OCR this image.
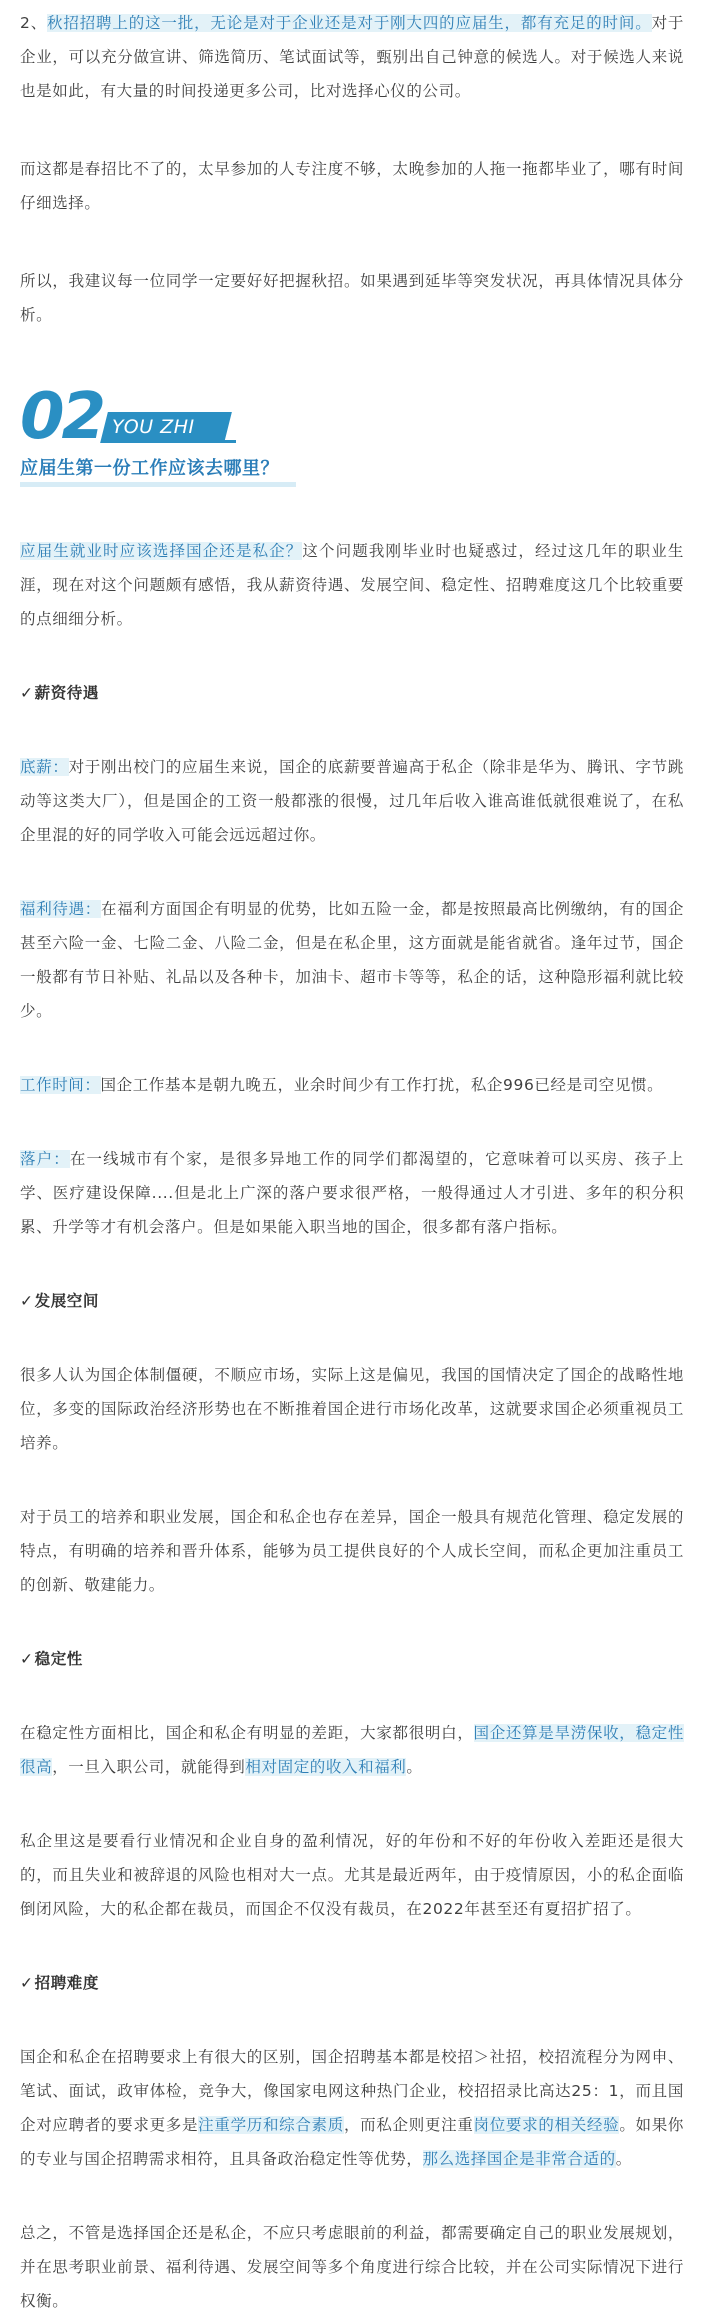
2、秋招招聘上的这一批，无论是对于企业还是对于刚大四的应届生，都有充足的时间。对于企业，可以充分做宣讲、筛选简历、笔试面试等，甄别出自己钟意的候选人。对于候选人来说也是如此，有大量的时间投递更多公司，比对选择心仪的公司。

而这都是春招比不了的，太早参加的人专注度不够，太晚参加的人拖一拖都毕业了，哪有时间仔细选择。

所以，我建议每一位同学一定要好好把握秋招。如果遇到延毕等突发状况，再具体情况具体分析。

02 YOU ZHI
应届生第一份工作应该去哪里？

应届生就业时应该选择国企还是私企？这个问题我刚毕业时也疑惑过，经过这几年的职业生涯，现在对这个问题颇有感悟，我从薪资待遇、发展空间、稳定性、招聘难度这几个比较重要的点细细分析。

✓薪资待遇

底薪：对于刚出校门的应届生来说，国企的底薪要普遍高于私企（除非是华为、腾讯、字节跳动等这类大厂），但是国企的工资一般都涨的很慢，过几年后收入谁高谁低就很难说了，在私企里混的好的同学收入可能会远远超过你。

福利待遇：在福利方面国企有明显的优势，比如五险一金，都是按照最高比例缴纳，有的国企甚至六险一金、七险二金、八险二金，但是在私企里，这方面就是能省就省。逢年过节，国企一般都有节日补贴、礼品以及各种卡，加油卡、超市卡等等，私企的话，这种隐形福利就比较少。

工作时间：国企工作基本是朝九晚五，业余时间少有工作打扰，私企996已经是司空见惯。

落户：在一线城市有个家，是很多异地工作的同学们都渴望的，它意味着可以买房、孩子上学、医疗建设保障....但是北上广深的落户要求很严格，一般得通过人才引进、多年的积分积累、升学等才有机会落户。但是如果能入职当地的国企，很多都有落户指标。

✓发展空间

很多人认为国企体制僵硬，不顺应市场，实际上这是偏见，我国的国情决定了国企的战略性地位，多变的国际政治经济形势也在不断推着国企进行市场化改革，这就要求国企必须重视员工培养。

对于员工的培养和职业发展，国企和私企也存在差异，国企一般具有规范化管理、稳定发展的特点，有明确的培养和晋升体系，能够为员工提供良好的个人成长空间，而私企更加注重员工的创新、敬建能力。

✓稳定性

在稳定性方面相比，国企和私企有明显的差距，大家都很明白，国企还算是旱涝保收，稳定性很高，一旦入职公司，就能得到相对固定的收入和福利。

私企里这是要看行业情况和企业自身的盈利情况，好的年份和不好的年份收入差距还是很大的，而且失业和被辞退的风险也相对大一点。尤其是最近两年，由于疫情原因，小的私企面临倒闭风险，大的私企都在裁员，而国企不仅没有裁员，在2022年甚至还有夏招扩招了。

✓招聘难度

国企和私企在招聘要求上有很大的区别，国企招聘基本都是校招＞社招，校招流程分为网申、笔试、面试，政审体检，竞争大，像国家电网这种热门企业，校招招录比高达25：1，而且国企对应聘者的要求更多是注重学历和综合素质，而私企则更注重岗位要求的相关经验。如果你的专业与国企招聘需求相符，且具备政治稳定性等优势，那么选择国企是非常合适的。

总之，不管是选择国企还是私企，不应只考虑眼前的利益，都需要确定自己的职业发展规划，并在思考职业前景、福利待遇、发展空间等多个角度进行综合比较，并在公司实际情况下进行权衡。
